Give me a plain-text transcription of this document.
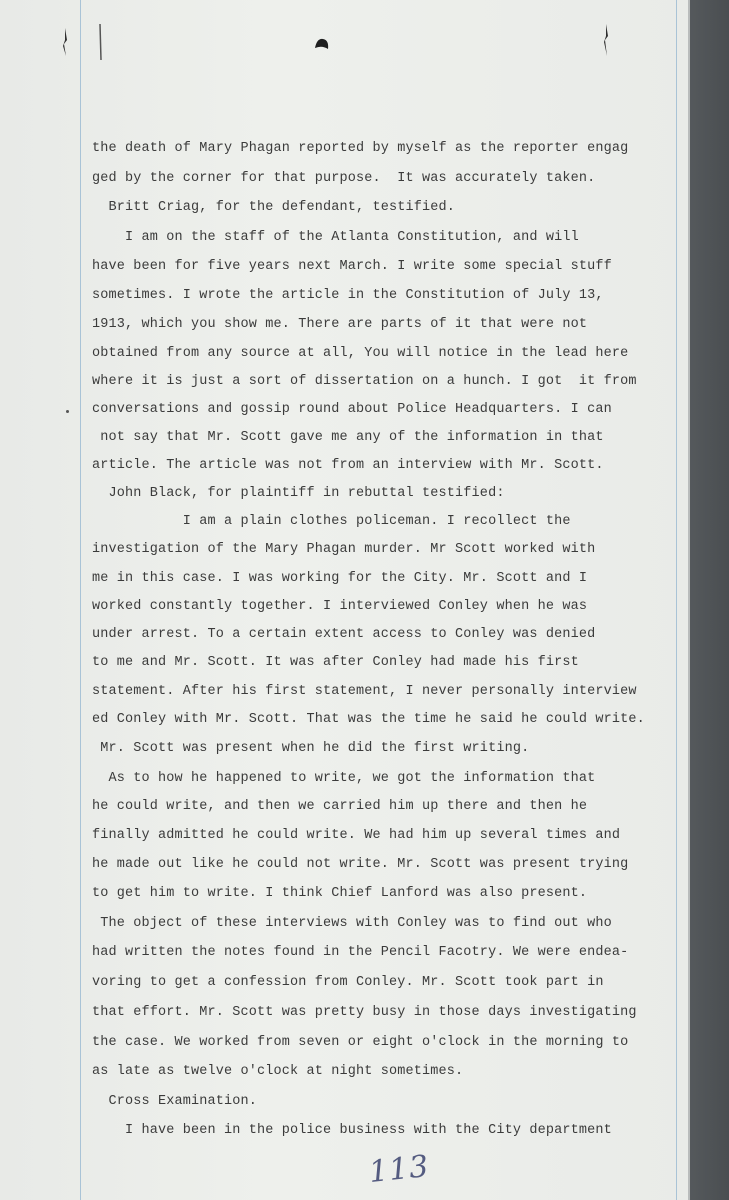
the death of Mary Phagan reported by myself as the reporter engag
ged by the corner for that purpose.  It was accurately taken.
Britt Criag, for the defendant, testified.
I am on the staff of the Atlanta Constitution, and will
have been for five years next March. I write some special stuff
sometimes. I wrote the article in the Constitution of July 13,
1913, which you show me. There are parts of it that were not
obtained from any source at all, You will notice in the lead here
where it is just a sort of dissertation on a hunch. I got  it from
conversations and gossip round about Police Headquarters. I can
not say that Mr. Scott gave me any of the information in that
article. The article was not from an interview with Mr. Scott.
John Black, for plaintiff in rebuttal testified:
I am a plain clothes policeman. I recollect the
investigation of the Mary Phagan murder. Mr Scott worked with
me in this case. I was working for the City. Mr. Scott and I
worked constantly together. I interviewed Conley when he was
under arrest. To a certain extent access to Conley was denied
to me and Mr. Scott. It was after Conley had made his first
statement. After his first statement, I never personally interview
ed Conley with Mr. Scott. That was the time he said he could write.
Mr. Scott was present when he did the first writing.
As to how he happened to write, we got the information that
he could write, and then we carried him up there and then he
finally admitted he could write. We had him up several times and
he made out like he could not write. Mr. Scott was present trying
to get him to write. I think Chief Lanford was also present.
The object of these interviews with Conley was to find out who
had written the notes found in the Pencil Facotry. We were endea-
voring to get a confession from Conley. Mr. Scott took part in
that effort. Mr. Scott was pretty busy in those days investigating
the case. We worked from seven or eight o'clock in the morning to
as late as twelve o'clock at night sometimes.
Cross Examination.
I have been in the police business with the City department
113
